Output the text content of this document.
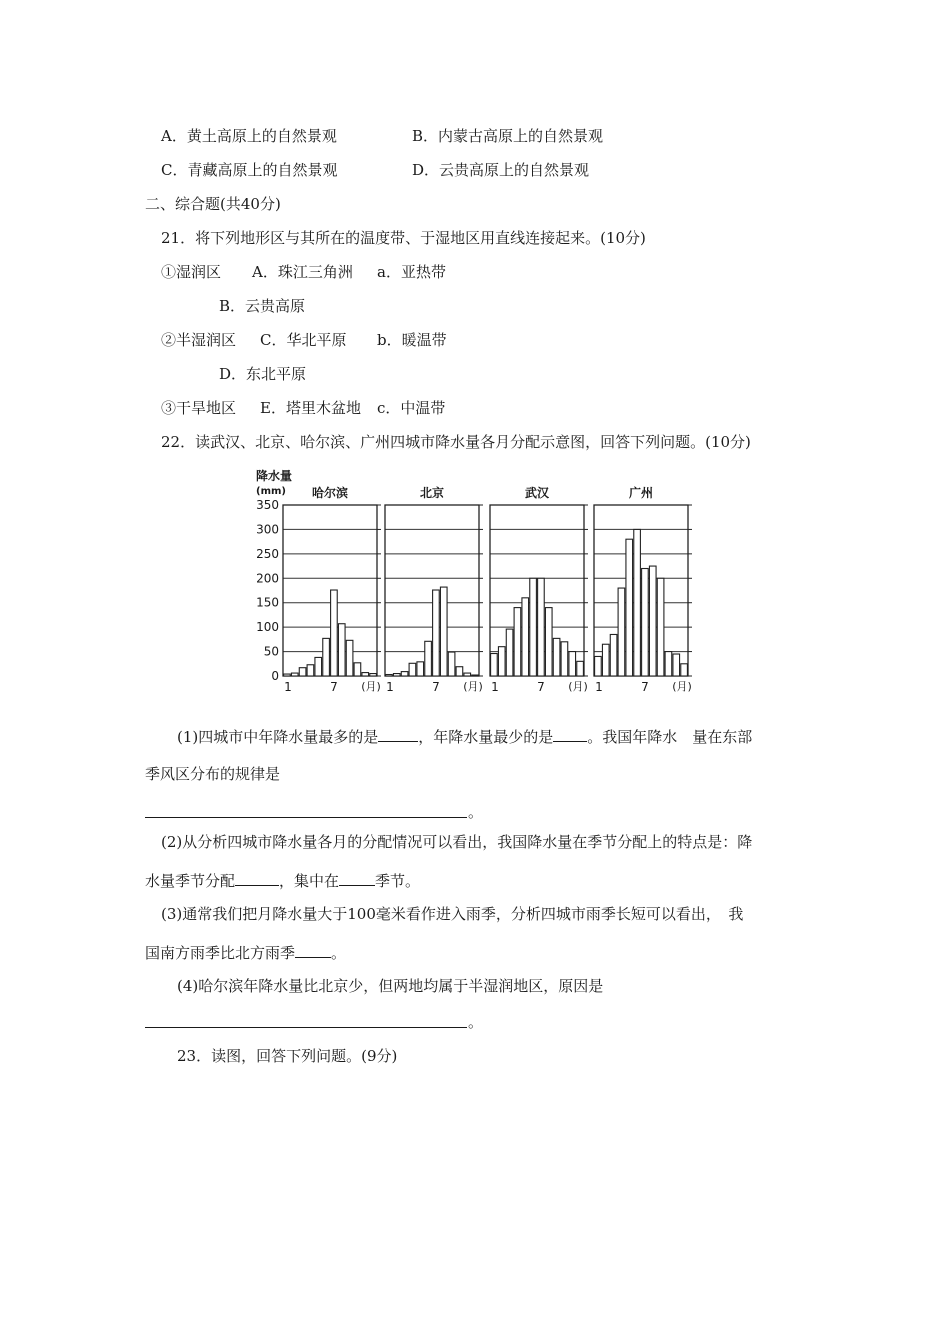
A．黄土高原上的自然景观	B．内蒙古高原上的自然景观
C．青藏高原上的自然景观	D．云贵高原上的自然景观
二、综合题(共40分)
21．将下列地形区与其所在的温度带、于湿地区用直线连接起来。(10分)
①湿润区 A．珠江三角洲 a．亚热带
B．云贵高原
②半湿润区 C．华北平原 b．暖温带
D．东北平原
③干旱地区 E．塔里木盆地 c．中温带
22．读武汉、北京、哈尔滨、广州四城市降水量各月分配示意图，回答下列问题。(10分)
降水量
(mm)
0
50
100
150
200
250
300
350
哈尔滨
1	7 (月)
北京
1	7 (月)
武汉
1	7 (月)
广州
1	7 (月)
(1)四城市中年降水量最多的是	，年降水量最少的是 。我国年降水　量在东部
季风区分布的规律是
。
(2)从分析四城市降水量各月的分配情况可以看出，我国降水量在季节分配上的特点是：降
水量季节分配	，集中在 季节。
(3)通常我们把月降水量大于100毫米看作进入雨季，分析四城市雨季长短可以看出，　我
国南方雨季比北方雨季 。
(4)哈尔滨年降水量比北京少，但两地均属于半湿润地区，原因是
。
23．读图，回答下列问题。(9分)
